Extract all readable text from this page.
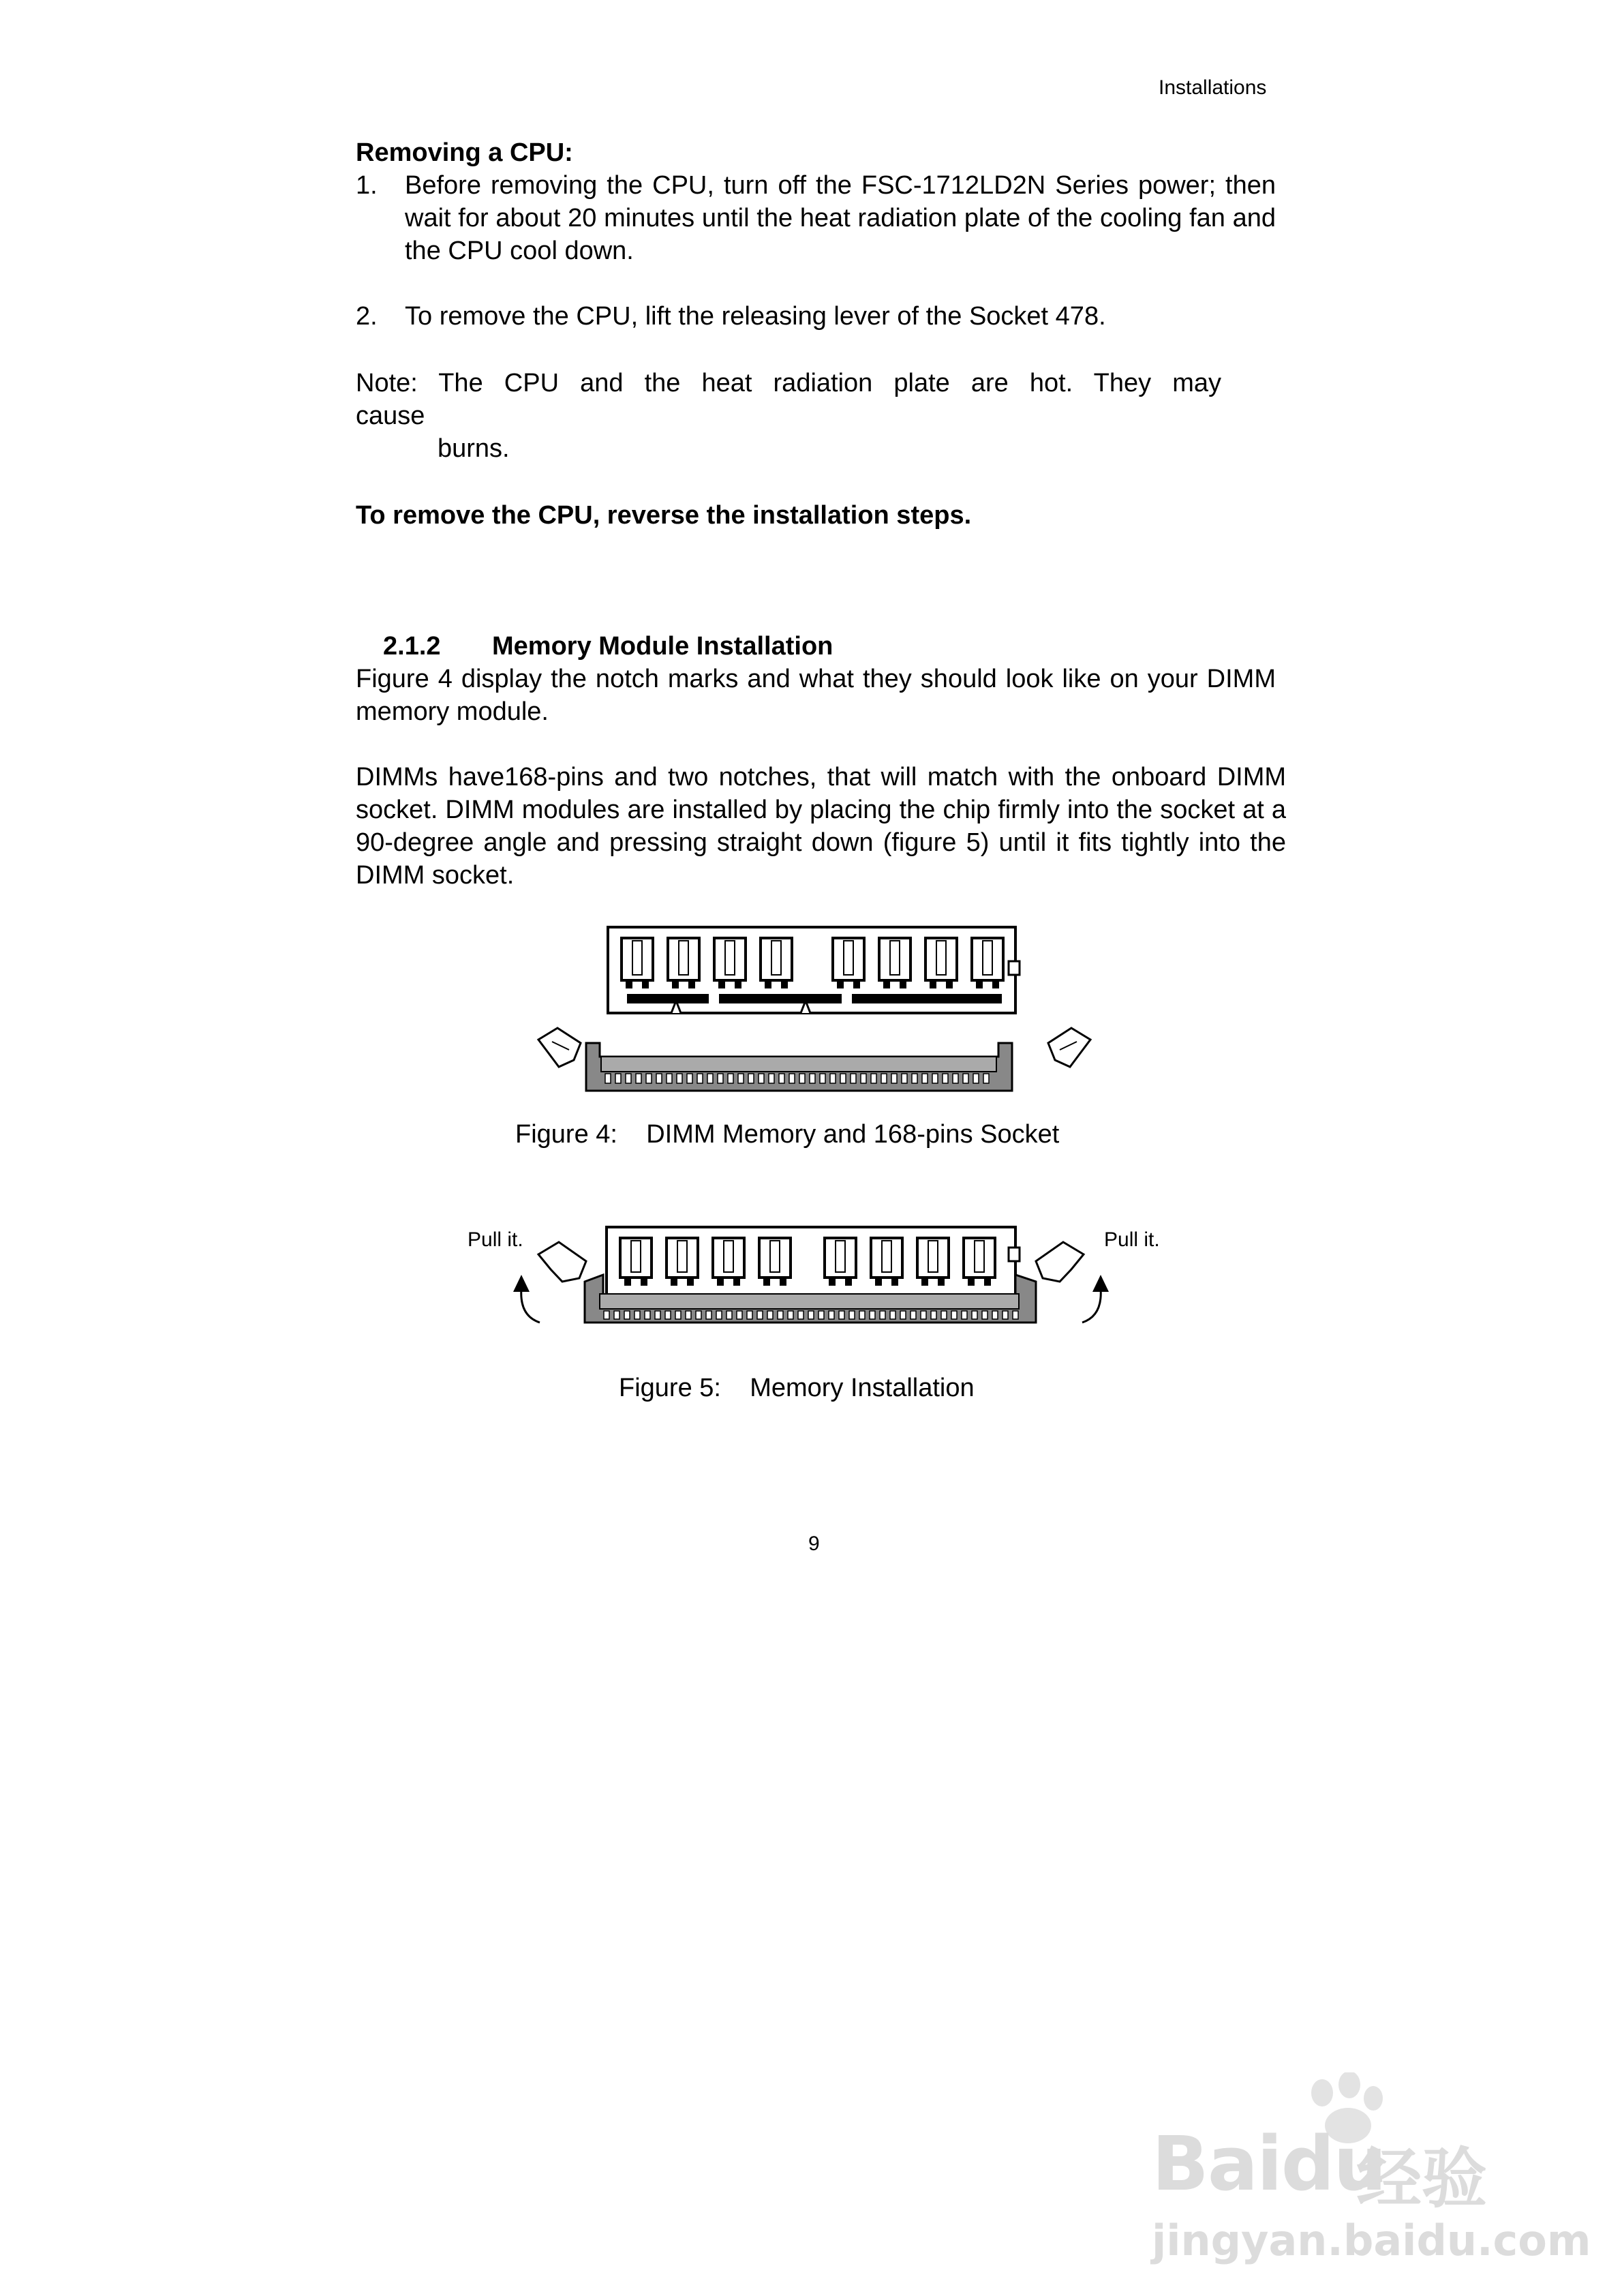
Installations
Removing a CPU:
1. Before removing the CPU, turn off the FSC-1712LD2N Series power; then wait for about 20 minutes until the heat radiation plate of the cooling fan and the CPU cool down.
2. To remove the CPU, lift the releasing lever of the Socket 478.
Note: The CPU and the heat radiation plate are hot. They may
cause
burns.
To remove the CPU, reverse the installation steps.
2.1.2 Memory Module Installation
Figure 4 display the notch marks and what they should look like on your DIMM memory module.
DIMMs have168-pins and two notches, that will match with the onboard DIMM socket. DIMM modules are installed by placing the chip firmly into the socket at a 90-degree angle and pressing straight down (figure 5) until it fits tightly into the DIMM socket.
Figure 4:    DIMM Memory and 168-pins Socket
Pull it.	Pull it.
Figure 5:    Memory Installation
9
Baidu
经验
jingyan.baidu.com
